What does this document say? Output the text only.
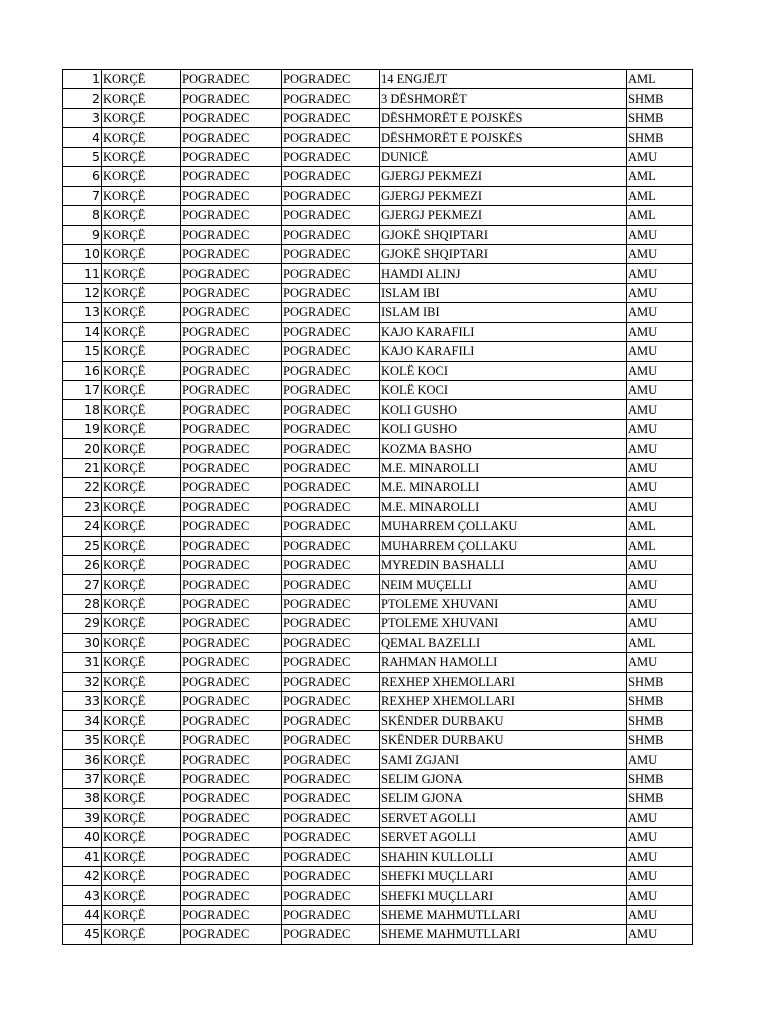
1	KORÇË	POGRADEC	POGRADEC	14 ENGJËJT	AML
2	KORÇË	POGRADEC	POGRADEC	3 DËSHMORËT	SHMB
3	KORÇË	POGRADEC	POGRADEC	DËSHMORËT E POJSKËS	SHMB
4	KORÇË	POGRADEC	POGRADEC	DËSHMORËT E POJSKËS	SHMB
5	KORÇË	POGRADEC	POGRADEC	DUNICË	AMU
6	KORÇË	POGRADEC	POGRADEC	GJERGJ PEKMEZI	AML
7	KORÇË	POGRADEC	POGRADEC	GJERGJ PEKMEZI	AML
8	KORÇË	POGRADEC	POGRADEC	GJERGJ PEKMEZI	AML
9	KORÇË	POGRADEC	POGRADEC	GJOKË SHQIPTARI	AMU
10	KORÇË	POGRADEC	POGRADEC	GJOKË SHQIPTARI	AMU
11	KORÇË	POGRADEC	POGRADEC	HAMDI ALINJ	AMU
12	KORÇË	POGRADEC	POGRADEC	ISLAM IBI	AMU
13	KORÇË	POGRADEC	POGRADEC	ISLAM IBI	AMU
14	KORÇË	POGRADEC	POGRADEC	KAJO KARAFILI	AMU
15	KORÇË	POGRADEC	POGRADEC	KAJO KARAFILI	AMU
16	KORÇË	POGRADEC	POGRADEC	KOLË KOCI	AMU
17	KORÇË	POGRADEC	POGRADEC	KOLË KOCI	AMU
18	KORÇË	POGRADEC	POGRADEC	KOLI GUSHO	AMU
19	KORÇË	POGRADEC	POGRADEC	KOLI GUSHO	AMU
20	KORÇË	POGRADEC	POGRADEC	KOZMA BASHO	AMU
21	KORÇË	POGRADEC	POGRADEC	M.E. MINAROLLI	AMU
22	KORÇË	POGRADEC	POGRADEC	M.E. MINAROLLI	AMU
23	KORÇË	POGRADEC	POGRADEC	M.E. MINAROLLI	AMU
24	KORÇË	POGRADEC	POGRADEC	MUHARREM ÇOLLAKU	AML
25	KORÇË	POGRADEC	POGRADEC	MUHARREM ÇOLLAKU	AML
26	KORÇË	POGRADEC	POGRADEC	MYREDIN BASHALLI	AMU
27	KORÇË	POGRADEC	POGRADEC	NEIM MUÇELLI	AMU
28	KORÇË	POGRADEC	POGRADEC	PTOLEME XHUVANI	AMU
29	KORÇË	POGRADEC	POGRADEC	PTOLEME XHUVANI	AMU
30	KORÇË	POGRADEC	POGRADEC	QEMAL BAZELLI	AML
31	KORÇË	POGRADEC	POGRADEC	RAHMAN HAMOLLI	AMU
32	KORÇË	POGRADEC	POGRADEC	REXHEP XHEMOLLARI	SHMB
33	KORÇË	POGRADEC	POGRADEC	REXHEP XHEMOLLARI	SHMB
34	KORÇË	POGRADEC	POGRADEC	SKËNDER DURBAKU	SHMB
35	KORÇË	POGRADEC	POGRADEC	SKËNDER DURBAKU	SHMB
36	KORÇË	POGRADEC	POGRADEC	SAMI ZGJANI	AMU
37	KORÇË	POGRADEC	POGRADEC	SELIM GJONA	SHMB
38	KORÇË	POGRADEC	POGRADEC	SELIM GJONA	SHMB
39	KORÇË	POGRADEC	POGRADEC	SERVET AGOLLI	AMU
40	KORÇË	POGRADEC	POGRADEC	SERVET AGOLLI	AMU
41	KORÇË	POGRADEC	POGRADEC	SHAHIN KULLOLLI	AMU
42	KORÇË	POGRADEC	POGRADEC	SHEFKI MUÇLLARI	AMU
43	KORÇË	POGRADEC	POGRADEC	SHEFKI MUÇLLARI	AMU
44	KORÇË	POGRADEC	POGRADEC	SHEME MAHMUTLLARI	AMU
45	KORÇË	POGRADEC	POGRADEC	SHEME MAHMUTLLARI	AMU
